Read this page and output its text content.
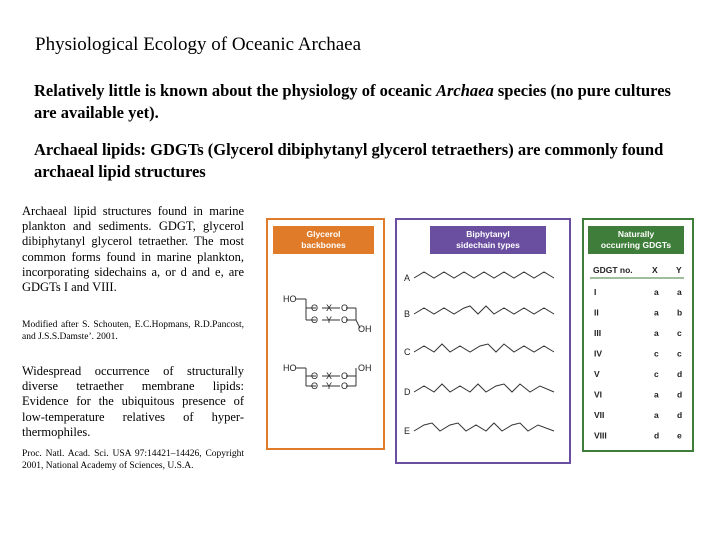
Physiological Ecology of Oceanic Archaea
Relatively little is known about the physiology of oceanic Archaea species (no pure cultures are available yet).
Archaeal lipids: GDGTs (Glycerol dibiphytanyl glycerol tetraethers) are commonly found archaeal lipid structures
Archaeal lipid structures found in marine plankton and sediments. GDGT, glycerol dibiphytanyl glycerol tetraether. The most common forms found in marine plankton, incorporating sidechains a, or d and e, are GDGTs I and VIII.
Modified after S. Schouten, E.C.Hopmans, R.D.Pancost, and J.S.S.Damste’. 2001.
Widespread occurrence of structurally diverse tetraether membrane lipids: Evidence for the ubiquitous presence of low-temperature relatives of hyper-thermophiles.
Proc. Natl. Acad. Sci. USA 97:14421–14426, Copyright 2001, National Academy of Sciences, U.S.A.
Glycerol
backbones
Biphytanyl
sidechain types
Naturally
occurring GDGTs
HO
O
O
X
Y
O
O
OH
HO
O
O
X
Y
O
O
OH
A
B
C
D
E
GDGT no. X Y
I	a a
II	a b
III	a c
IV	c c
V	c d
VI	a d
VII	a d
VIII	d e
